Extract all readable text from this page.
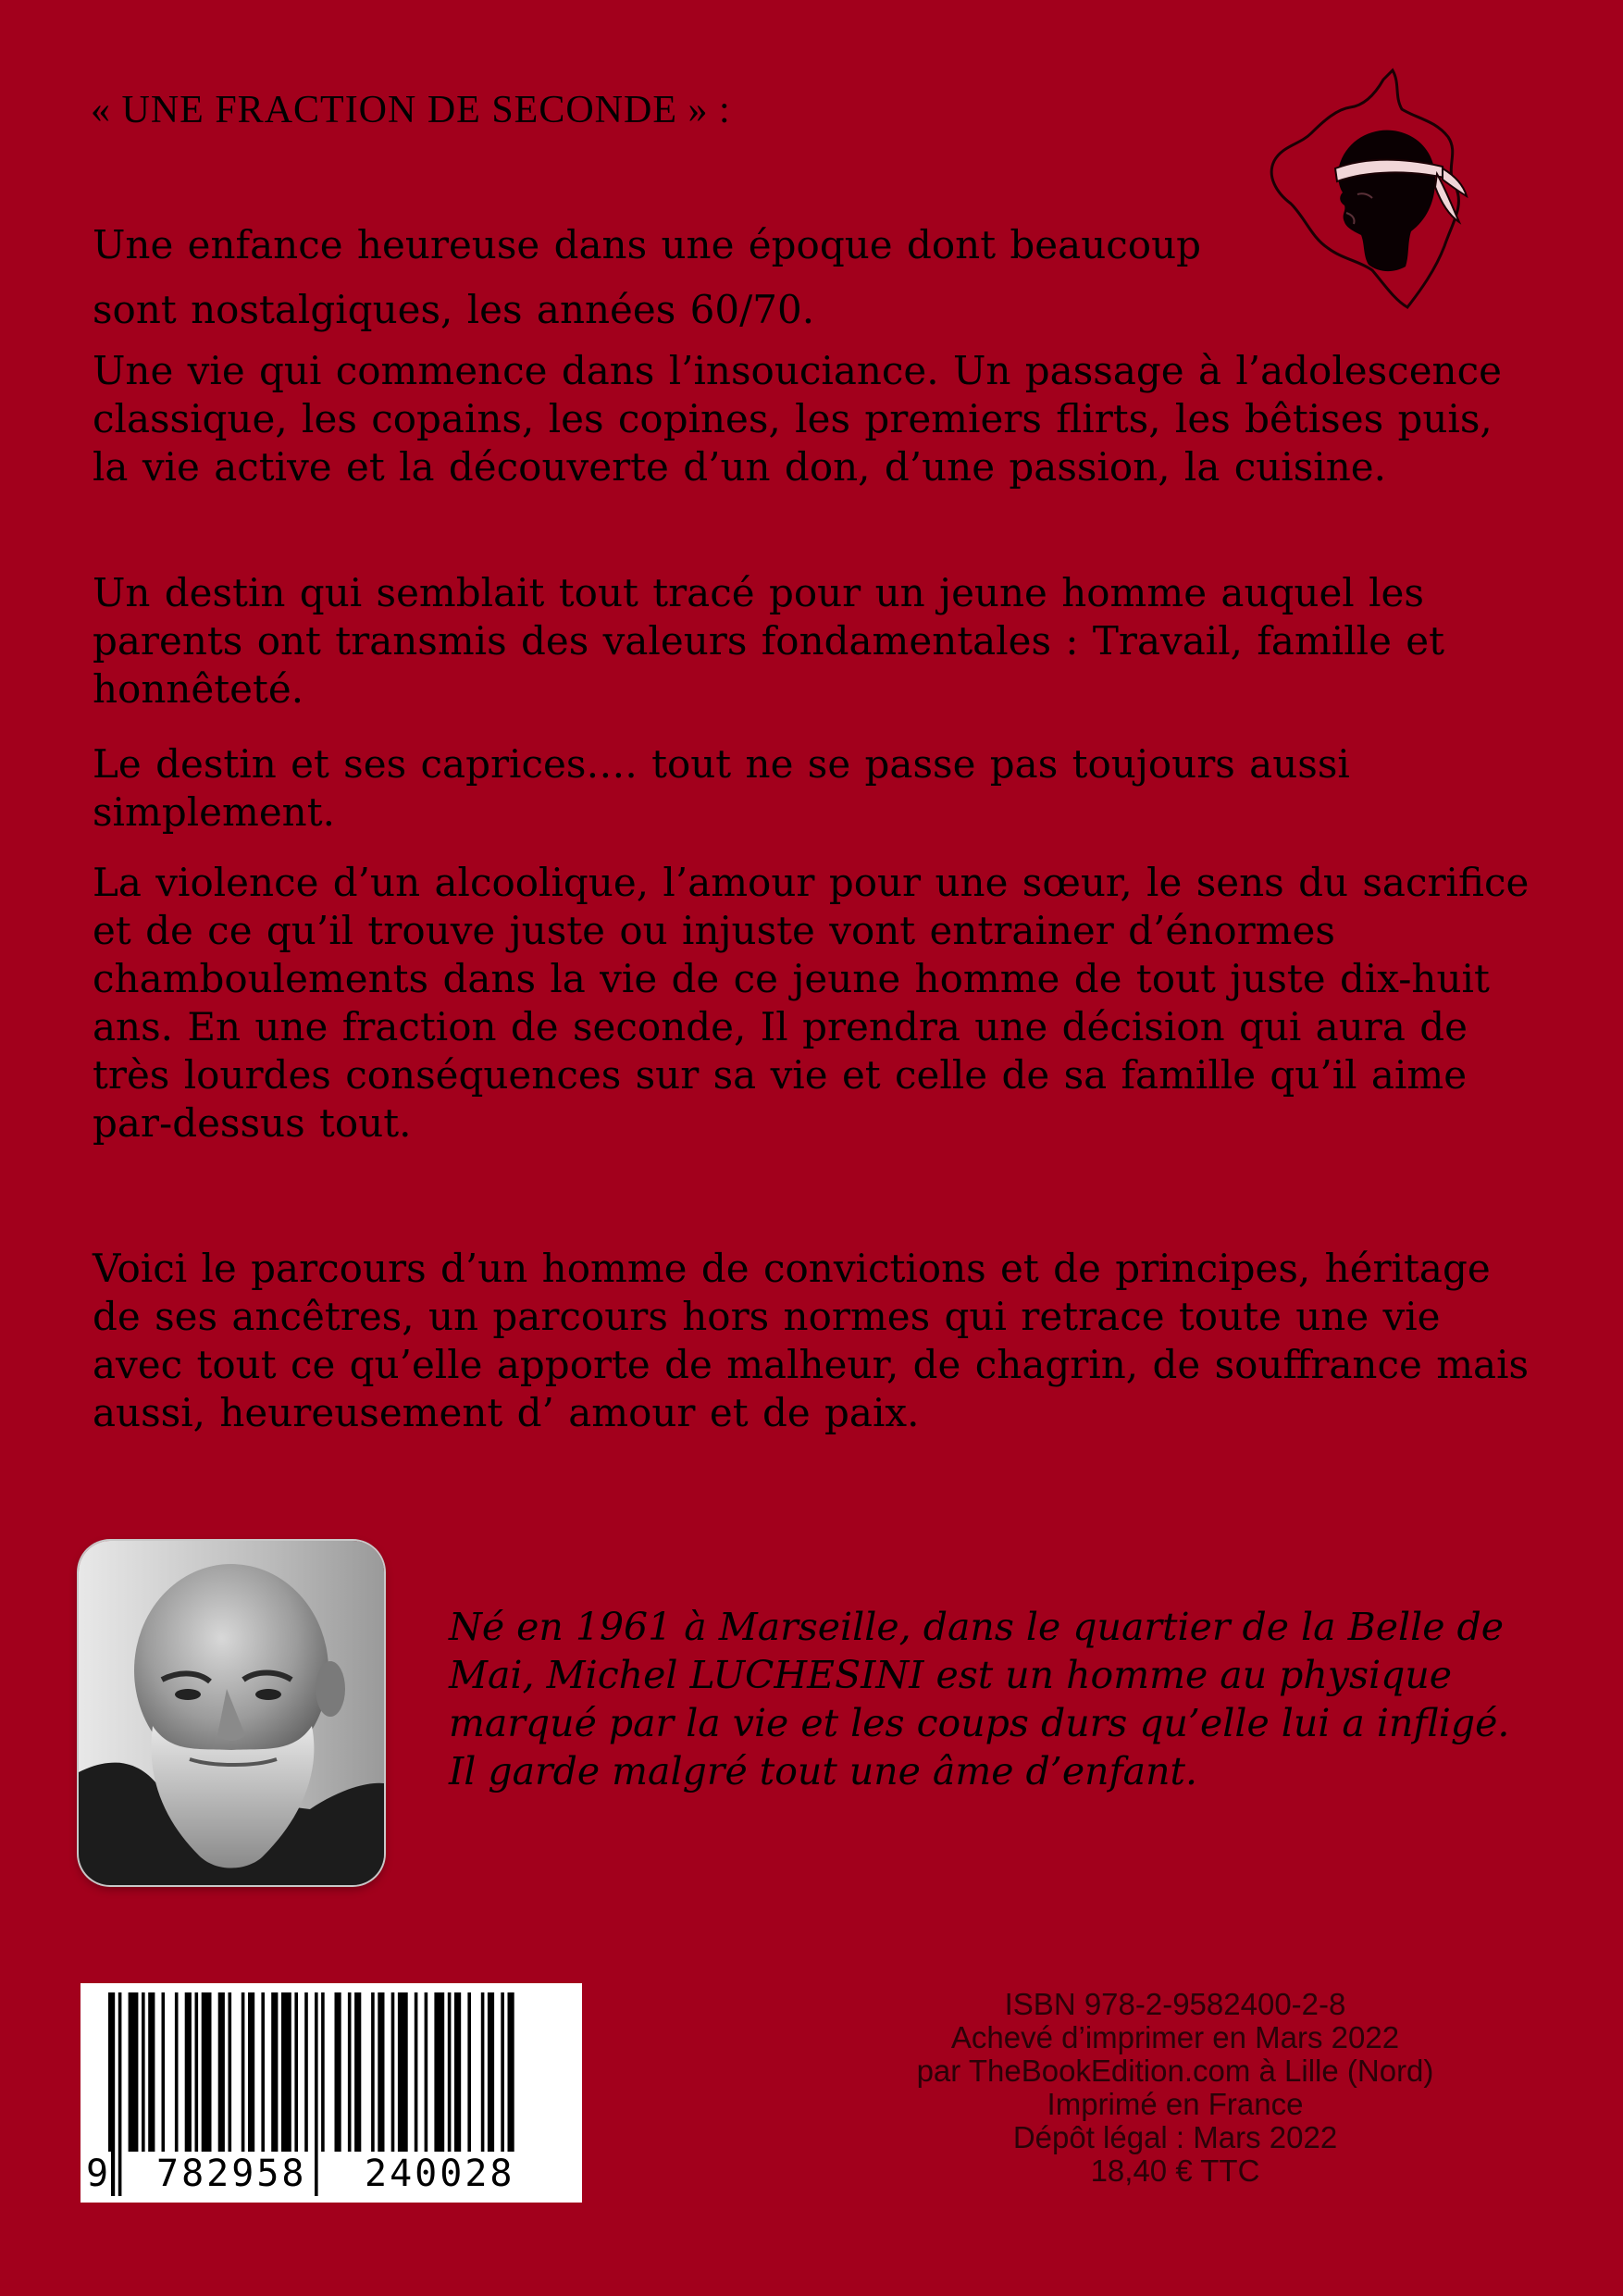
« UNE FRACTION DE SECONDE » :

Une enfance heureuse dans une époque dont beaucoup sont nostalgiques, les années 60/70.

Une vie qui commence dans l’insouciance. Un passage à l’adolescence classique, les copains, les copines, les premiers flirts, les bêtises puis, la vie active et la découverte d’un don, d’une passion, la cuisine.

Un destin qui semblait tout tracé pour un jeune homme auquel les parents ont transmis des valeurs fondamentales : Travail, famille et honnêteté.

Le destin et ses caprices…. tout ne se passe pas toujours aussi simplement.

La violence d’un alcoolique, l’amour pour une sœur, le sens du sacrifice et de ce qu’il trouve juste ou injuste vont entrainer d’énormes chamboulements dans la vie de ce jeune homme de tout juste dix-huit ans. En une fraction de seconde, Il prendra une décision qui aura de très lourdes conséquences sur sa vie et celle de sa famille qu’il aime par-dessus tout.

Voici le parcours d’un homme de convictions et de principes, héritage de ses ancêtres, un parcours hors normes qui retrace toute une vie avec tout ce qu’elle apporte de malheur, de chagrin, de souffrance mais aussi, heureusement d’ amour et de paix.

Né en 1961 à Marseille, dans le quartier de la Belle de Mai, Michel LUCHESINI est un homme au physique marqué par la vie et les coups durs qu’elle lui a infligé. Il garde malgré tout une âme d’enfant.

9 782958 240028
ISBN 978-2-9582400-2-8
Achevé d’imprimer en Mars 2022
par TheBookEdition.com à Lille (Nord)
Imprimé en France
Dépôt légal : Mars 2022
18,40 € TTC
